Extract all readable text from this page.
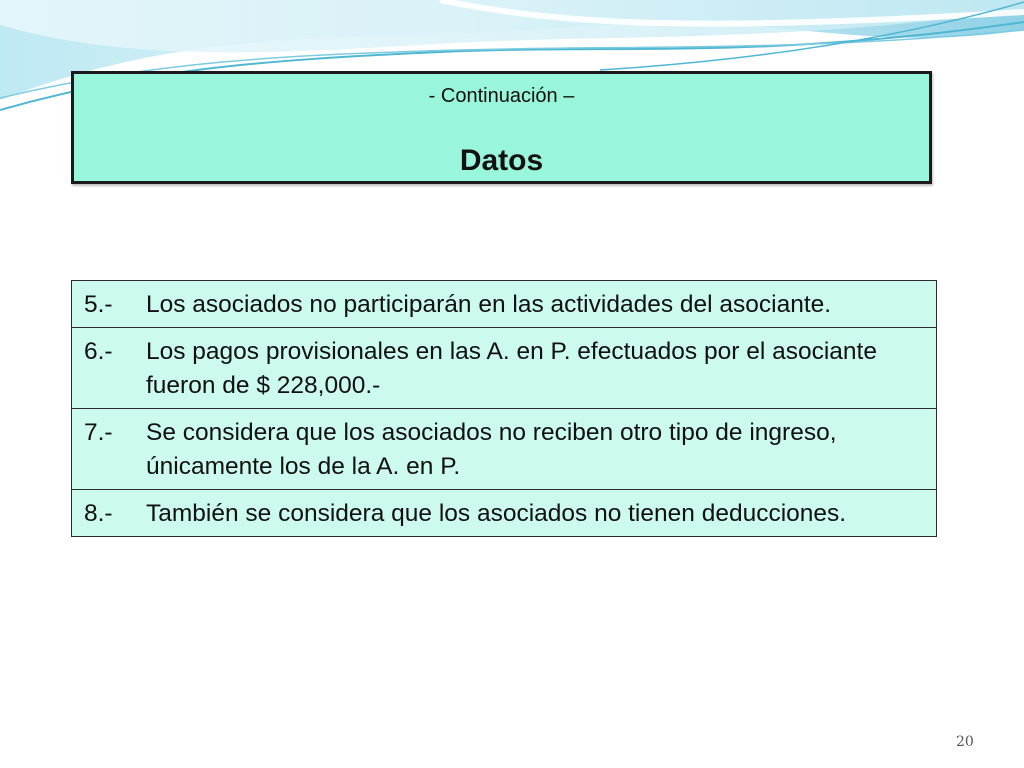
- Continuación –
Datos
5.-	Los asociados no participarán en las actividades del asociante.

6.-	Los pagos provisionales en las A. en P. efectuados por el asociante fueron de $ 228,000.-

7.-	Se considera que los asociados no reciben otro tipo de ingreso, únicamente los de la A. en P.

8.-	También se considera que los asociados no tienen deducciones.
20
